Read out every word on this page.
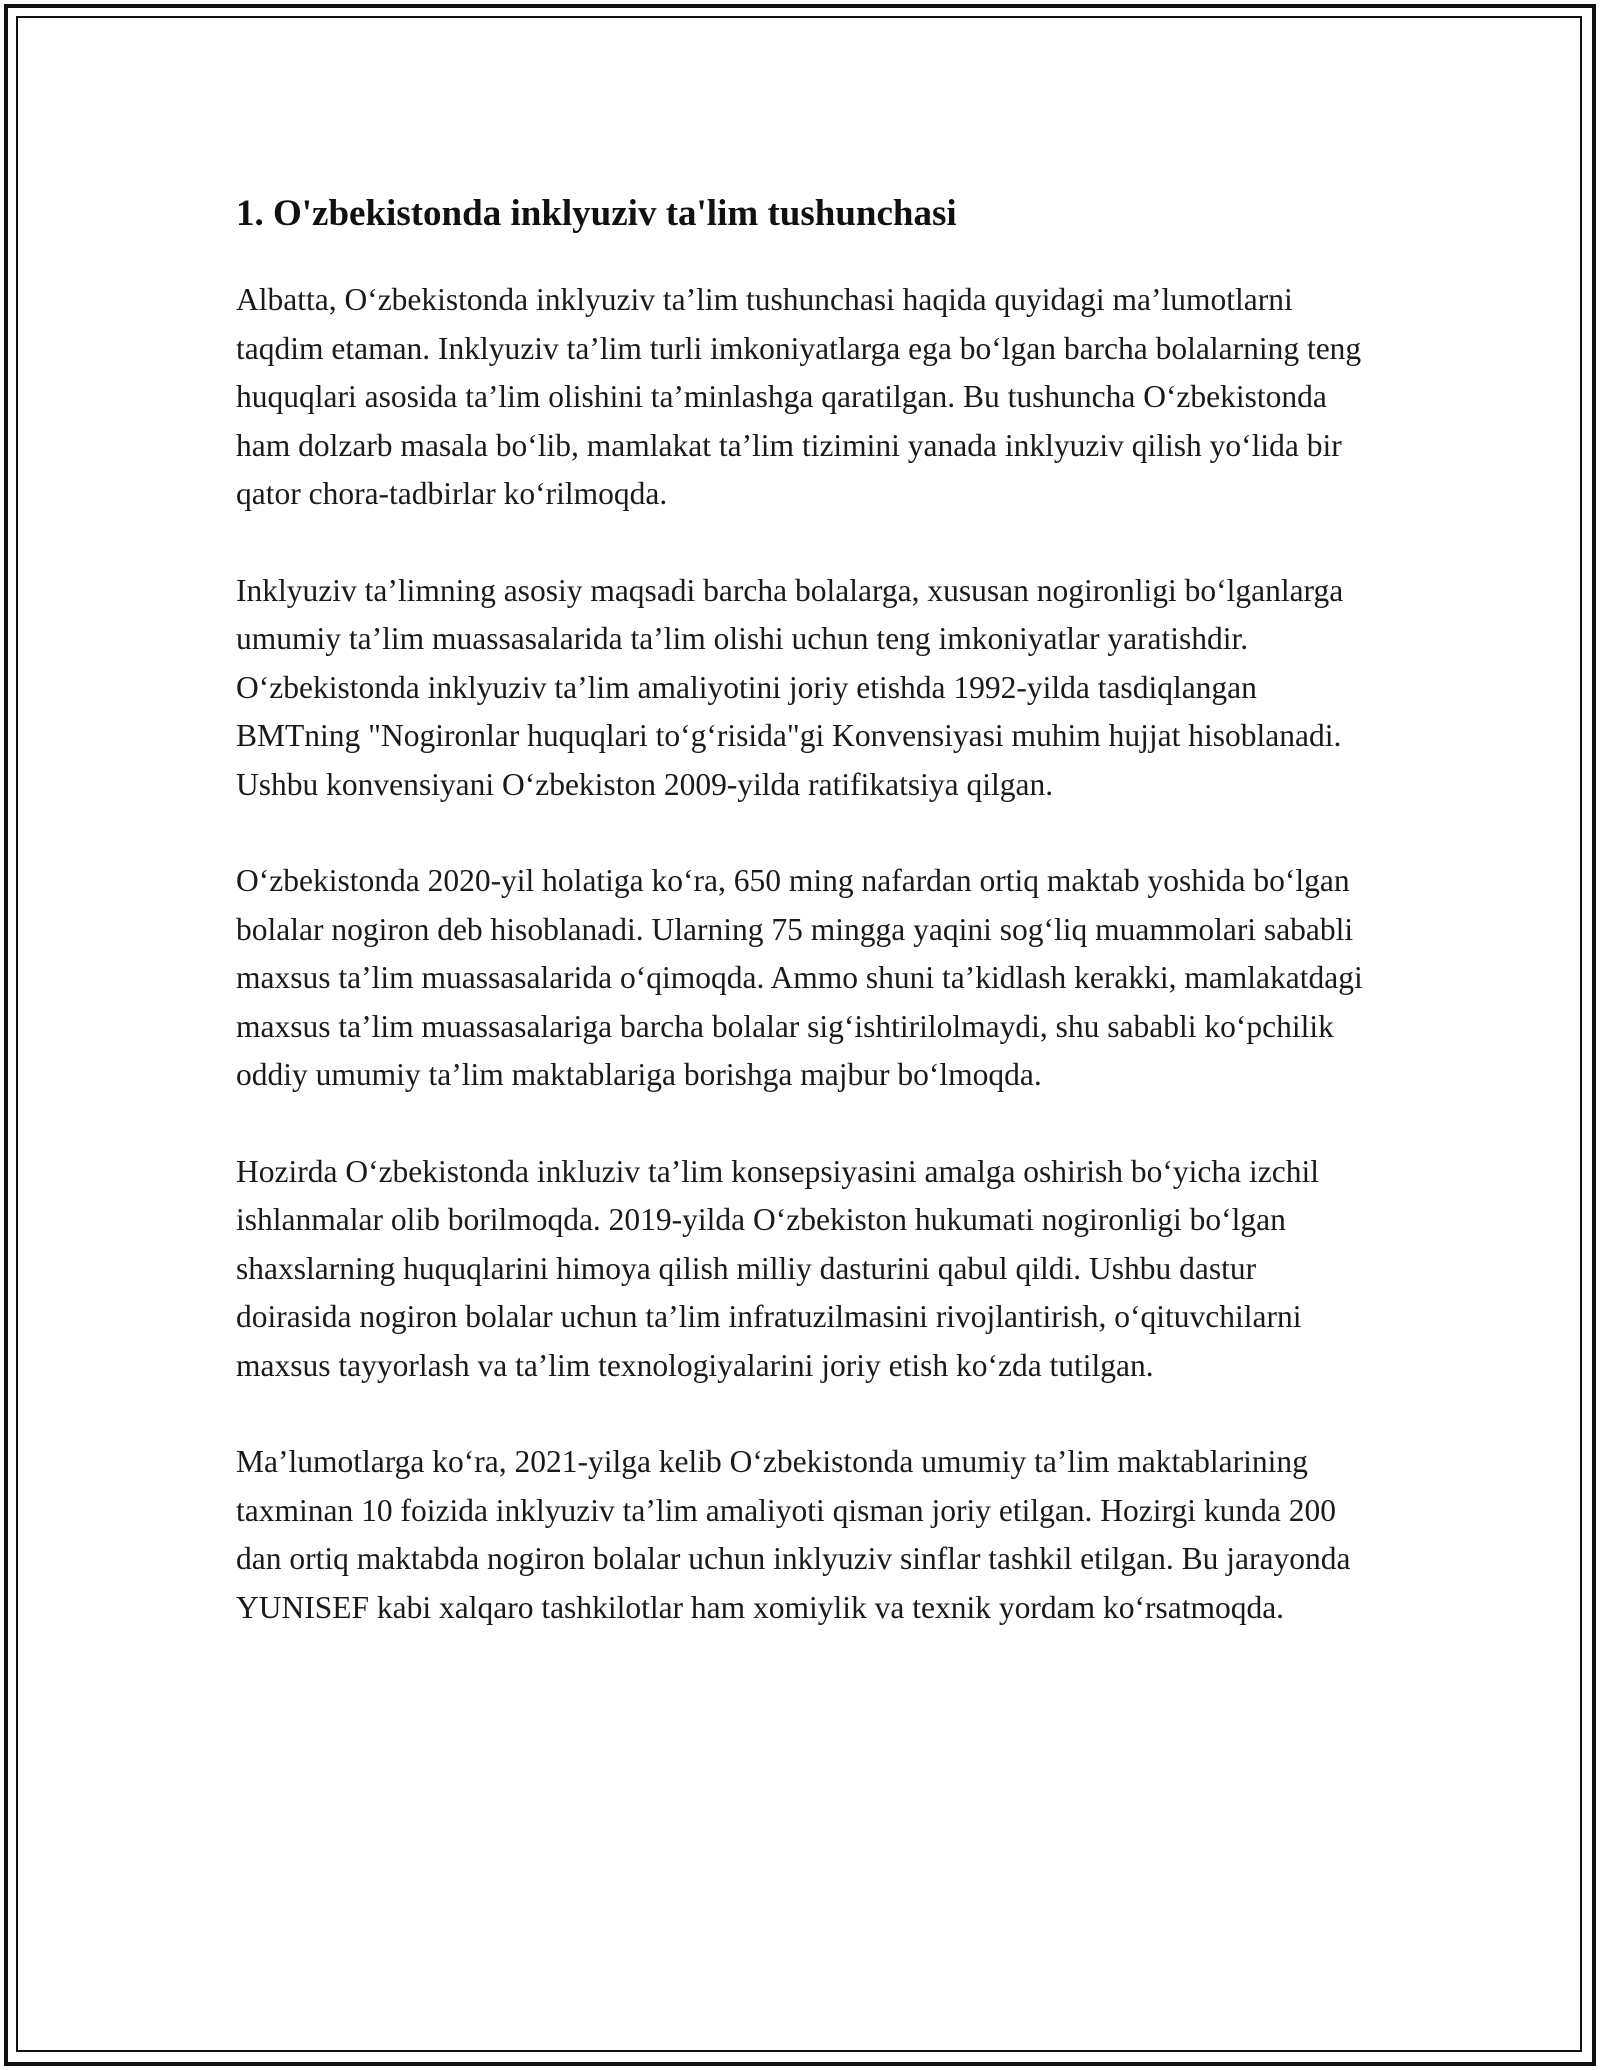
1. O'zbekistonda inklyuziv ta'lim tushunchasi

Albatta, O‘zbekistonda inklyuziv ta’lim tushunchasi haqida quyidagi ma’lumotlarni taqdim etaman. Inklyuziv ta’lim turli imkoniyatlarga ega bo‘lgan barcha bolalarning teng huquqlari asosida ta’lim olishini ta’minlashga qaratilgan. Bu tushuncha O‘zbekistonda ham dolzarb masala bo‘lib, mamlakat ta’lim tizimini yanada inklyuziv qilish yo‘lida bir qator chora-tadbirlar ko‘rilmoqda.

Inklyuziv ta’limning asosiy maqsadi barcha bolalarga, xususan nogironligi bo‘lganlarga umumiy ta’lim muassasalarida ta’lim olishi uchun teng imkoniyatlar yaratishdir. O‘zbekistonda inklyuziv ta’lim amaliyotini joriy etishda 1992-yilda tasdiqlangan BMTning "Nogironlar huquqlari to‘g‘risida"gi Konvensiyasi muhim hujjat hisoblanadi. Ushbu konvensiyani O‘zbekiston 2009-yilda ratifikatsiya qilgan.

O‘zbekistonda 2020-yil holatiga ko‘ra, 650 ming nafardan ortiq maktab yoshida bo‘lgan bolalar nogiron deb hisoblanadi. Ularning 75 mingga yaqini sog‘liq muammolari sababli maxsus ta’lim muassasalarida o‘qimoqda. Ammo shuni ta’kidlash kerakki, mamlakatdagi maxsus ta’lim muassasalariga barcha bolalar sig‘ishtirilolmaydi, shu sababli ko‘pchilik oddiy umumiy ta’lim maktablariga borishga majbur bo‘lmoqda.

Hozirda O‘zbekistonda inkluziv ta’lim konsepsiyasini amalga oshirish bo‘yicha izchil ishlanmalar olib borilmoqda. 2019-yilda O‘zbekiston hukumati nogironligi bo‘lgan shaxslarning huquqlarini himoya qilish milliy dasturini qabul qildi. Ushbu dastur doirasida nogiron bolalar uchun ta’lim infratuzilmasini rivojlantirish, o‘qituvchilarni maxsus tayyorlash va ta’lim texnologiyalarini joriy etish ko‘zda tutilgan.

Ma’lumotlarga ko‘ra, 2021-yilga kelib O‘zbekistonda umumiy ta’lim maktablarining taxminan 10 foizida inklyuziv ta’lim amaliyoti qisman joriy etilgan. Hozirgi kunda 200 dan ortiq maktabda nogiron bolalar uchun inklyuziv sinflar tashkil etilgan. Bu jarayonda YUNISEF kabi xalqaro tashkilotlar ham xomiylik va texnik yordam ko‘rsatmoqda.
